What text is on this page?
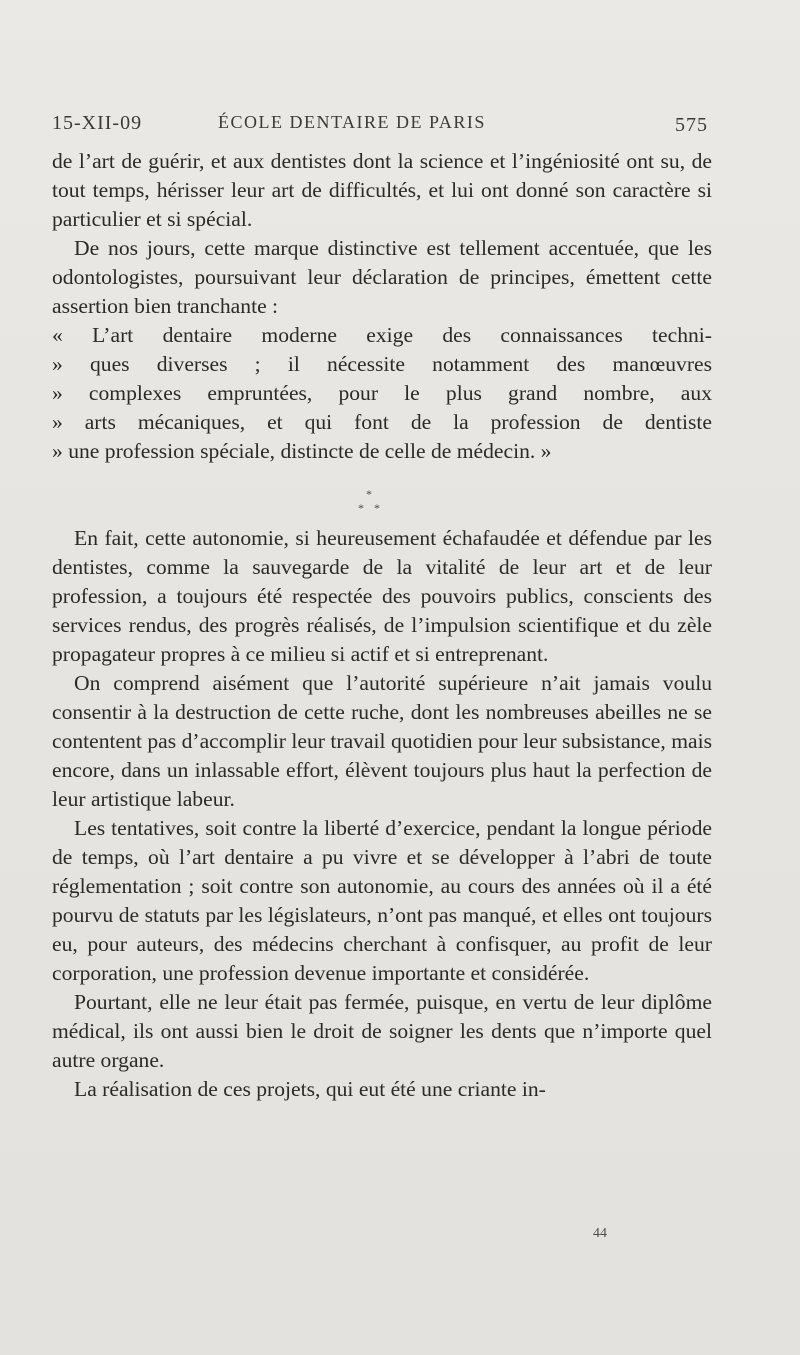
15-XII-09	ÉCOLE DENTAIRE DE PARIS	575

de l’art de guérir, et aux dentistes dont la science et l’ingéniosité ont su, de tout temps, hérisser leur art de difficultés, et lui ont donné son caractère si particulier et si spécial.

De nos jours, cette marque distinctive est tellement accentuée, que les odontologistes, poursuivant leur déclaration de principes, émettent cette assertion bien tranchante :

« L’art dentaire moderne exige des connaissances techni-
» ques diverses ; il nécessite notamment des manœuvres
» complexes empruntées, pour le plus grand nombre, aux
» arts mécaniques, et qui font de la profession de dentiste
» une profession spéciale, distincte de celle de médecin. »
*
* *

En fait, cette autonomie, si heureusement échafaudée et défendue par les dentistes, comme la sauvegarde de la vitalité de leur art et de leur profession, a toujours été respectée des pouvoirs publics, conscients des services rendus, des progrès réalisés, de l’impulsion scientifique et du zèle propagateur propres à ce milieu si actif et si entreprenant.

On comprend aisément que l’autorité supérieure n’ait jamais voulu consentir à la destruction de cette ruche, dont les nombreuses abeilles ne se contentent pas d’accomplir leur travail quotidien pour leur subsistance, mais encore, dans un inlassable effort, élèvent toujours plus haut la perfection de leur artistique labeur.

Les tentatives, soit contre la liberté d’exercice, pendant la longue période de temps, où l’art dentaire a pu vivre et se développer à l’abri de toute réglementation ; soit contre son autonomie, au cours des années où il a été pourvu de statuts par les législateurs, n’ont pas manqué, et elles ont toujours eu, pour auteurs, des médecins cherchant à confisquer, au profit de leur corporation, une profession devenue importante et considérée.

Pourtant, elle ne leur était pas fermée, puisque, en vertu de leur diplôme médical, ils ont aussi bien le droit de soigner les dents que n’importe quel autre organe.

La réalisation de ces projets, qui eut été une criante in-

44
